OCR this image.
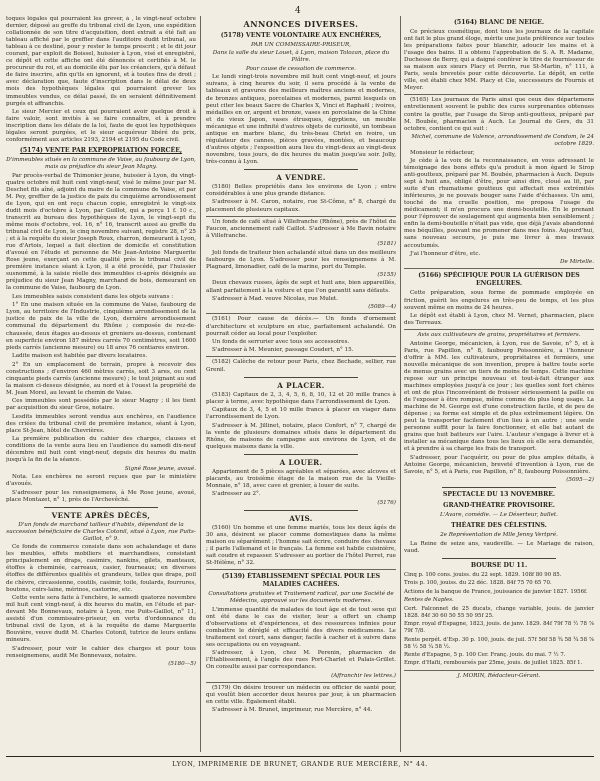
4

toques légales qui pourraient les grever, à , le vingt-neuf octobre dernier, déposé au greffe du tribunal civil de Lyon, une expédition collationnée de son titre d'acquisition, dont extrait a été fait au tableau affiché par le greffier dans l'auditoire dudit tribunal, au tableau à ce destiné, pour y rester le temps prescrit ; et le dit jour courant, par exploit de Boissel, huissier à Lyon, visé et enregistré, ce dépôt et cette affiche ont été dénoncés et certifiés à M. le procureur du roi, et au domicile élu par les créanciers, qu'à défaut de faire inscrire, afin qu'ils en ignorent, et à toutes fins de droit ; avec déclaration que, faute d'inscription dans le délai de deux mois des hypothèques légales qui pourraient grever les immeubles vendus, ce délai passé, ils en seraient définitivement purgés et affranchis.

Le sieur Mercier et ceux qui pourraient avoir quelque droit à faire valoir, sont invités à se faire connaître, et à prendre inscription dans les délais de la loi, faute de quoi les hypothèques légales seront purgées, et le sieur acquéreur libéré du prix, conformément aux articles 2193, 2194 et 2195 du Code civil.

(5174) VENTE PAR EXPROPRIATION FORCÉE,

D'immeubles situés en la commune de Vaise, au faubourg de Lyon, mais au préjudice du sieur Jean Magny.

Par procès-verbal de Thimonier jeune, huissier à Lyon, du vingt-quatre octobre mil huit cent vingt-neuf, visé le même jour par M. Deschet fils aîné, adjoint du maire de la commune de Vaise, et par M. Pey, greffier de la justice de paix du cinquième arrondissement de Lyon, qui en ont reçu chacun copie, enregistré le vingt-six dudit mois d'octobre à Lyon, par Guillot, qui a perçu 1 f. 10 c., transcrit au bureau des hypothèques de Lyon, le vingt-sept du même mois d'octobre, vol. 16, n° 16, transcrit aussi au greffe du tribunal civil de Lyon, le cinq novembre suivant, registre 28, n° 25 ; et à la requête du sieur Joseph Roux, charron, demeurant à Lyon, rue d'Artois, lequel a fait élection de domicile et constitution d'avoué en l'étude et personne de Me Jean-Antoine Marguerite Rose jeune, exerçant en cette qualité près le tribunal civil de première instance séant à Lyon, il a été procédé, par l'huissier susnommé, à la saisie réelle des immeubles ci-après désignés au préjudice du sieur Jean Magny, marchand de bois, demeurant en la commune de Vaise, faubourg de Lyon.

Les immeubles saisis consistent dans les objets suivans :

1° En une maison située en la commune de Vaise, faubourg de Lyon, au territoire de l'Industrie, cinquième arrondissement de la justice de paix de la ville de Lyon, dernière arrondissement communal du département du Rhône ; composée de rez-de-chaussée, deux étages au-dessus et greniers au-dessus, contenant en superficie environ 187 mètres carrés 70 centimètres, soit 1600 pieds carrés (ancienne mesure) ou 18 ares 76 centiares environ.

Ladite maison est habitée par divers locataires.

2° En un emplacement de terrain, propre à recevoir des constructions ; d'environ 460 mètres carrés, soit 3 ares, ou cent cinquante pieds carrés (ancienne mesure) ; le tout joignant au sud la maison ci-dessus désignée, au nord et à l'ouest la propriété de M. Jean Morel, au levant le chemin de Vaise.

Ces immeubles sont possédés par le sieur Magny ; il les tient par acquisition du sieur Gros, notaire.

Lesdits immeubles seront vendus aux enchères, en l'audience des criées du tribunal civil de première instance, séant à Lyon, place St-Jean, hôtel de Chevrières.

La première publication du cahier des charges, clauses et conditions de la vente aura lieu en l'audience du samedi dix-neuf décembre mil huit cent vingt-neuf, depuis dix heures du matin jusqu'à la fin de la séance.

Signé Rose jeune, avoué.

Nota. Les enchères ne seront reçues que par le ministère d'avoués.

S'adresser pour les renseignemens, à Me Rose jeune, avoué, place Montazet, n° 1, près de l'Archevêché.

VENTE APRÈS DÉCÈS,

D'un fonds de marchand tailleur d'habits, dépendant de la succession bénéficiaire de Charles Cotonil, situé à Lyon, rue Puits-Gaillot, n° 9.

Ce fonds de commerce consiste dans son achalandage et dans les meubles, effets mobiliers et marchandises, consistant principalement en draps, casimirs, nankins, gilets, manteaux, étoffes à cheminée, carreaux, casier, fourneaux; en diverses étoffes de différentes qualités et grandeurs, telles que draps, poil de chèvre, circassienne, coutils, casimir, toile, foulards, fourrures, boutons, cuirs-laine, mérinos, castorine, etc.

Cette vente sera faite à l'enchère, le samedi quatorze novembre mil huit cent vingt-neuf, à dix heures du matin, en l'étude et par-devant Me Bonnevaux, notaire à Lyon, rue Puits-Gaillot, n° 11, assisté d'un commissaire-priseur, en vertu d'ordonnance du tribunal civil de Lyon, et à la requête de dame Marguerite Bouvière, veuve dudit M. Charles Cotonil, tutrice de leurs enfans mineurs.

S'adresser, pour voir le cahier des charges et pour tous renseignemens, audit Me Bonnevaux, notaire.

(5180—5)

ANNONCES DIVERSES.
(5178) VENTE VOLONTAIRE AUX ENCHÈRES,

PAR UN COMMISSAIRE-PRISEUR,

Dans la salle du sieur Louet, à Lyon, maison Tolozan, place du Plâtre.

Pour cause de cessation de commerce.

Le lundi vingt-trois novembre mil huit cent vingt-neuf, et jours suivans, à cinq heures du soir, il sera procédé à la vente de tableaux et gravures des meilleurs maîtres anciens et modernes, de bronzes antiques, porcelaines et modernes, parmi lesquels on peut citer les beaux Sacre de Charles X, Vinci et Raphaël ; ivoires, médailles en or, argent et bronze, vases en porcelaine de la Chine et du vieux Japon, vases étrusques, égyptiens, un meuble mécanique et une infinité d'autres objets de curiosité, un tombeau antique en marbre blanc, du très-beau Christ en ivoire, un régulateur des cannes, pièces gravées, montées, et beaucoup d'autres objets ; l'exposition aura lieu du vingt-deux au vingt-deux novembre, tous jours, de dix heures du matin jusqu'au soir. Jolly, très-connu à Lyon.

A VENDRE.

(5180) Belles propriétés dans les environs de Lyon ; entre considérables à une plus grande distance.

S'adresser à M. Caron, notaire, rue St-Côme, n° 8, chargé du placement de plusieurs capitaux.

Un fonds de café situé à Villefranche (Rhône), près de l'hôtel du Faucon, anciennement café Caillot. S'adresser à Me Bavin notaire à Villefranche.

(5181)

Joli fonds de traiteur bien achalandé situé dans un des meilleurs faubourgs de Lyon. S'adresser pour les renseignemens à M. Plagnard, limonadier, café de la marine, port du Temple.

(5155)

Deux chevaux russes, âgés de sept et huit ans, bien appareillés, allant parfaitement à la voiture et que l'on garantit sans défauts.

S'adresser à Mad. veuve Nicolas, rue Mulet.

(5089—4)

(5161) Pour cause de décès.— Un fonds d'ornement d'architecture et sculpture en stuc, parfaitement achalandé. On pourrait céder au local pour l'exploiter.

Un fonds de serrurier avec tous ses accessoires.

S'adresser à M. Meunier, passage Coudert, n° 15.

(5182) Calèche de retour pour Paris, chez Bechade, sellier, rue Grenil.

A PLACER.

(5183) Capitaux de 2, 3, 4, 5, 6, 8, 10, 12 et 20 mille francs à placer à terme, avec hypothèque dans l'arrondissement de Lyon.

Capitaux de 3, 4, 5 et 10 mille francs à placer en viager dans l'arrondissement de Lyon.

S'adresser à M. Jillinet, notaire, place Confort, n° 7, chargé de la vente de plusieurs domaines situés dans le département du Rhône, de maisons de campagne aux environs de Lyon, et de quelques maisons dans la ville.

A LOUER.

Appartement de 5 pièces agréables et séparées, avec alcoves et placards, au troisième étage de la maison rue de la Vieille-Monnaie, n° 18, avec cave et grenier, à louer de suite.

S'adresser au 2°.

(5176)

AVIS.

(5160) Un homme et une femme mariés, tous les deux âgés de 30 ans, désirent se placer comme domestiques dans la même maison ou séparément ; l'homme sait écrire, conduire des chevaux ; il parle l'allemand et le français. La femme est habile cuisinière, sait coudre et repasser. S'adresser au portier de l'hôtel Perret, rue St-Hélène, n° 32.

(5139) ÉTABLISSEMENT SPÉCIAL POUR LES MALADIES CACHÉES.

Consultations gratuites et Traitement radical, par une Société de Médecins, approuvé sur les documents modernes.

L'immense quantité de malades de tout âge et de tout sexe qui ont été dans le cas de visiter, leur a offert un champ d'observations et d'expériences, et des ressources infinies pour combattre le déréglé et efficacité des divers médicamens. Le traitement est court, sans danger, facile à cacher et à suivre dans ses occupations ou en voyageant.

S'adresser, à Lyon, chez M. Perenin, pharmacien de l'Établissement, à l'angle des rues Port-Charlet et Palais-Grillet. On consulte aussi par correspondance.

(Affranchir les lettres.)

(5179) On désire trouver un médecin ou officier de santé pour, qui voulût bien accorder deux heures par jour, à un pharmacien en cette ville. Également établi.

S'adresser à M. Brunet, imprimeur, rue Mercière, n° 44.

(5164) BLANC DE NEIGE.

Ce précieux cosmétique, dont tous les journaux de la capitale ont fait le plus grand éloge, mérite une juste préférence sur toutes les préparations faites pour blanchir, adoucir les mains et à l'usage des bains. Il a obtenu l'approbation de S. A. R. Madame, Duchesse de Berry, qui a daigné conférer le titre de fournisseur de sa maison aux sieurs Placy et Perrin, rue St-Martin, n° 111, à Paris, seuls brevetés pour cette découverte. Le dépôt, en cette ville, est établi chez MM. Placy et Cie, successeurs de Fournis et Meyer.

(5165) Les journaux de Paris ainsi que ceux des départemens entretiennent souvent le public des cures surprenantes obtenues contre la goutte, par l'usage du Sirop anti-goutteux, préparé par M. Boubée, pharmacien à Auch. Le Journal du Gers, du 31 octobre, contient ce qui suit :

Michel, commune de Valence, arrondissement de Condom, le 24 octobre 1829.

Monsieur le rédacteur,

Je cède à la voix de la reconnaissance, en vous adressant le témoignage des bons effets qu'a produit à mon égard le Sirop anti-goutteux, préparé par M. Boubée, pharmacien à Auch. Depuis sept à huit ans, obligé d'être, pour ainsi dire, cloué au lit, par suite d'un rhumatisme goutteux qui affectait mes extrémités inférieures, je ne pouvais bouger sans l'aide d'échasses. Un ami, touché de ma cruelle position, me proposa l'usage du médicament; il m'en procura une demi-bouteille. En le prenant pour l'éprouver de soulagement qui augmenta bien sensiblement ; enfin la demi-bouteille n'était pas vide, que déjà j'avais abandonné mes béquilles, pouvant me promener dans mes foins. Aujourd'hui, sans nouveau secours, je puis me livrer à mes travaux accoutumés.

J'ai l'honneur d'être, etc.

De Mirtelle.

(5166) SPÉCIFIQUE POUR LA GUÉRISON DES ENGELURES.

Cette préparation, sous forme de pommade employée en friction, guérit les engelures en très-peu de temps, et les plus souvent même en moins de 24 heures.

Le dépôt est établi à Lyon, chez M. Vernet, pharmacien, place des Terreaux.

Avis aux cultivateurs de grains, propriétaires et fermiers.

Antoine George, mécanicien, à Lyon, rue de Savoie, n° 5, et à Paris, rue Papillon, n° 8, faubourg Poissonnière, a l'honneur d'offrir à MM. les cultivateurs, propriétaires et fermiers, une nouvelle mécanique de son invention, propre à battre toute sorte de menus grains avec un tiers de moins de temps. Cette machine repose sur un principe nouveau et tout-à-fait étranger aux machines employées jusqu'à ce jour ; les quelles sont fort chères et ont de plus l'inconvénient de froisser sérieusement la paille ou de l'exposer à être rompue, même comme du plus long usage. La machine de M. George est d'une construction facile, et de peu de dépense ; sa forme est simple et de plus extrêmement légère. On peut la transporter facilement d'un lieu à un autre ; une seule personne suffit pour la faire fonctionner, et elle bat autant de grains que huit batteurs sur l'aire. L'auteur s'engage à livrer et à installer sa mécanique dans tous les lieux où elle sera demandée, et à prendre à sa charge les frais de transport.

S'adresser, pour l'acquérir, ou pour de plus amples détails, à Antoine George, mécanicien, breveté d'invention à Lyon, rue de Savoie, n° 5, et à Paris, rue Papillon, n° 8, faubourg Poissonnière.

(5095—2)

SPECTACLE DU 13 NOVEMBRE.
GRAND-THÉATRE PROVISOIRE.

L'Avare, comédie. — Le Déserteur, ballet.

THÉATRE DES CÉLESTINS.

2e Représentation de Mlle Jenny Vertpré.

La Reine de seize ans, vaudeville. — Le Mariage de raison, vaud.

BOURSE DU 11.

Cinq p. 100 cons. jouiss. du 22 sept. 1829. 108f 80 90 85.

Trois p. 100, jouiss. du 22 déc. 1828. 84f 75 70 65 70.

Actions de la banque de France, jouissance de janvier 1827. 1956f.

Rentes de Naples.

Cert. Falconnet de 25 ducats, change variable, jouis. de janvier 1828. 84f 30 60 50 55 50 95f 25.

Empr. royal d'Espagne, 1823, jouis. de janv. 1829. 84f 79f 78 ½ 78 ⅞ 79f 7/8.

Rente perpét. d'Esp. 30 p. 100, jouis. de juil. 57f 56f 58 ¾ 58 ¾ 58 ⅞ 58 ½ 58 ¼ 58 ½.

Rente d'Espagne, 5 p. 100 Cer. Franç. jouis. du mai. 7 ½ 7.

Empr. d'Haïti, remboursés par 25me, jouis. de juillet 1825. 85f 1.

J. MORIN, Rédacteur-Gérant.

LYON, IMPRIMERIE DE BRUNET, GRANDE RUE MERCIÈRE, N° 44.
